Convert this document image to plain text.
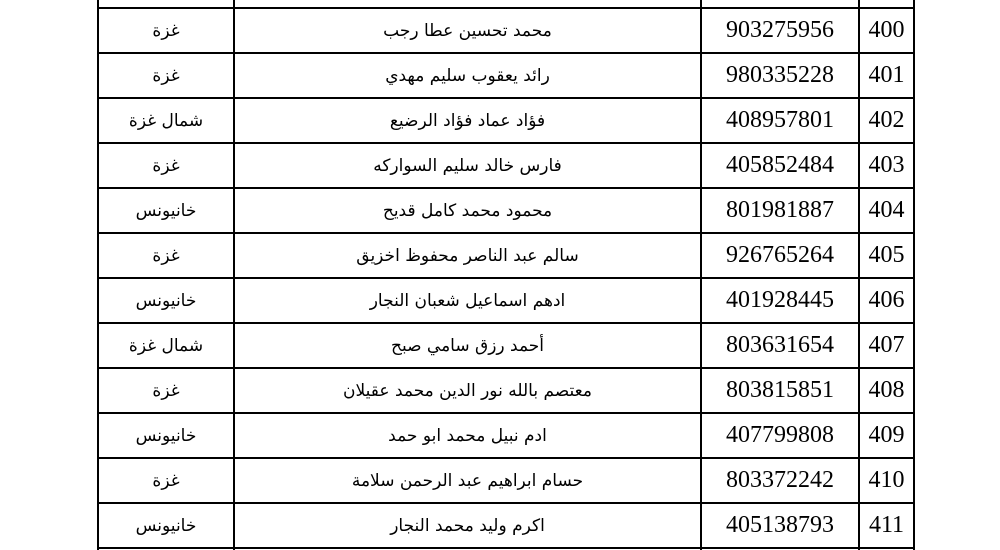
غزة	محمد تحسين عطا رجب	903275956	400
غزة	رائد يعقوب سليم مهدي	980335228	401
شمال غزة	فؤاد عماد فؤاد الرضيع	408957801	402
غزة	فارس خالد سليم السواركه	405852484	403
خانيونس	محمود محمد كامل قديح	801981887	404
غزة	سالم عبد الناصر محفوظ اخزيق	926765264	405
خانيونس	ادهم اسماعيل شعبان النجار	401928445	406
شمال غزة	أحمد رزق سامي صبح	803631654	407
غزة	معتصم بالله نور الدين محمد عقيلان	803815851	408
خانيونس	ادم نبيل محمد ابو حمد	407799808	409
غزة	حسام ابراهيم عبد الرحمن سلامة	803372242	410
خانيونس	اكرم وليد محمد النجار	405138793	411
